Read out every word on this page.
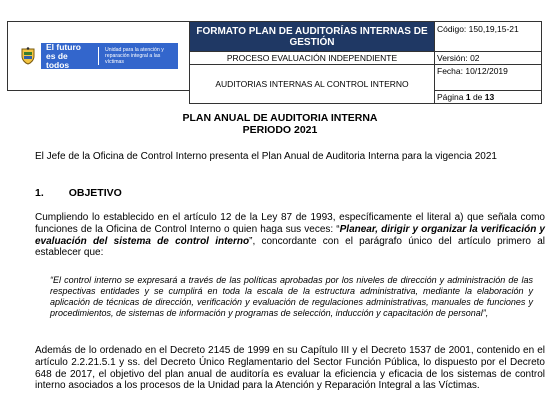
El futuro es de todos
Unidad para la atención y reparación integral a las víctimas	FORMATO PLAN DE AUDITORÍAS INTERNAS DE GESTIÓN	Código: 150,19,15-21
	PROCESO EVALUACIÓN INDEPENDIENTE	Versión: 02
	AUDITORIAS INTERNAS AL CONTROL INTERNO	Fecha: 10/12/2019
		Página 1 de 13
PLAN ANUAL DE AUDITORIA INTERNA
PERIODO 2021
El Jefe de la Oficina de Control Interno presenta el Plan Anual de Auditoria Interna para la vigencia 2021
1. OBJETIVO
Cumpliendo lo establecido en el artículo 12 de la Ley 87 de 1993, específicamente el literal a) que señala como funciones de la Oficina de Control Interno o quien haga sus veces: “Planear, dirigir y organizar la verificación y evaluación del sistema de control interno”, concordante con el parágrafo único del artículo primero al establecer que:
“El control interno se expresará a través de las políticas aprobadas por los niveles de dirección y administración de las respectivas entidades y se cumplirá en toda la escala de la estructura administrativa, mediante la elaboración y aplicación de técnicas de dirección, verificación y evaluación de regulaciones administrativas, manuales de funciones y procedimientos, de sistemas de información y programas de selección, inducción y capacitación de personal”,
Además de lo ordenado en el Decreto 2145 de 1999 en su Capítulo III y el Decreto 1537 de 2001, contenido en el artículo 2.2.21.5.1 y ss. del Decreto Único Reglamentario del Sector Función Pública, lo dispuesto por el Decreto 648 de 2017, el objetivo del plan anual de auditoría es evaluar la eficiencia y eficacia de los sistemas de control interno asociados a los procesos de la Unidad para la Atención y Reparación Integral a las Víctimas.
